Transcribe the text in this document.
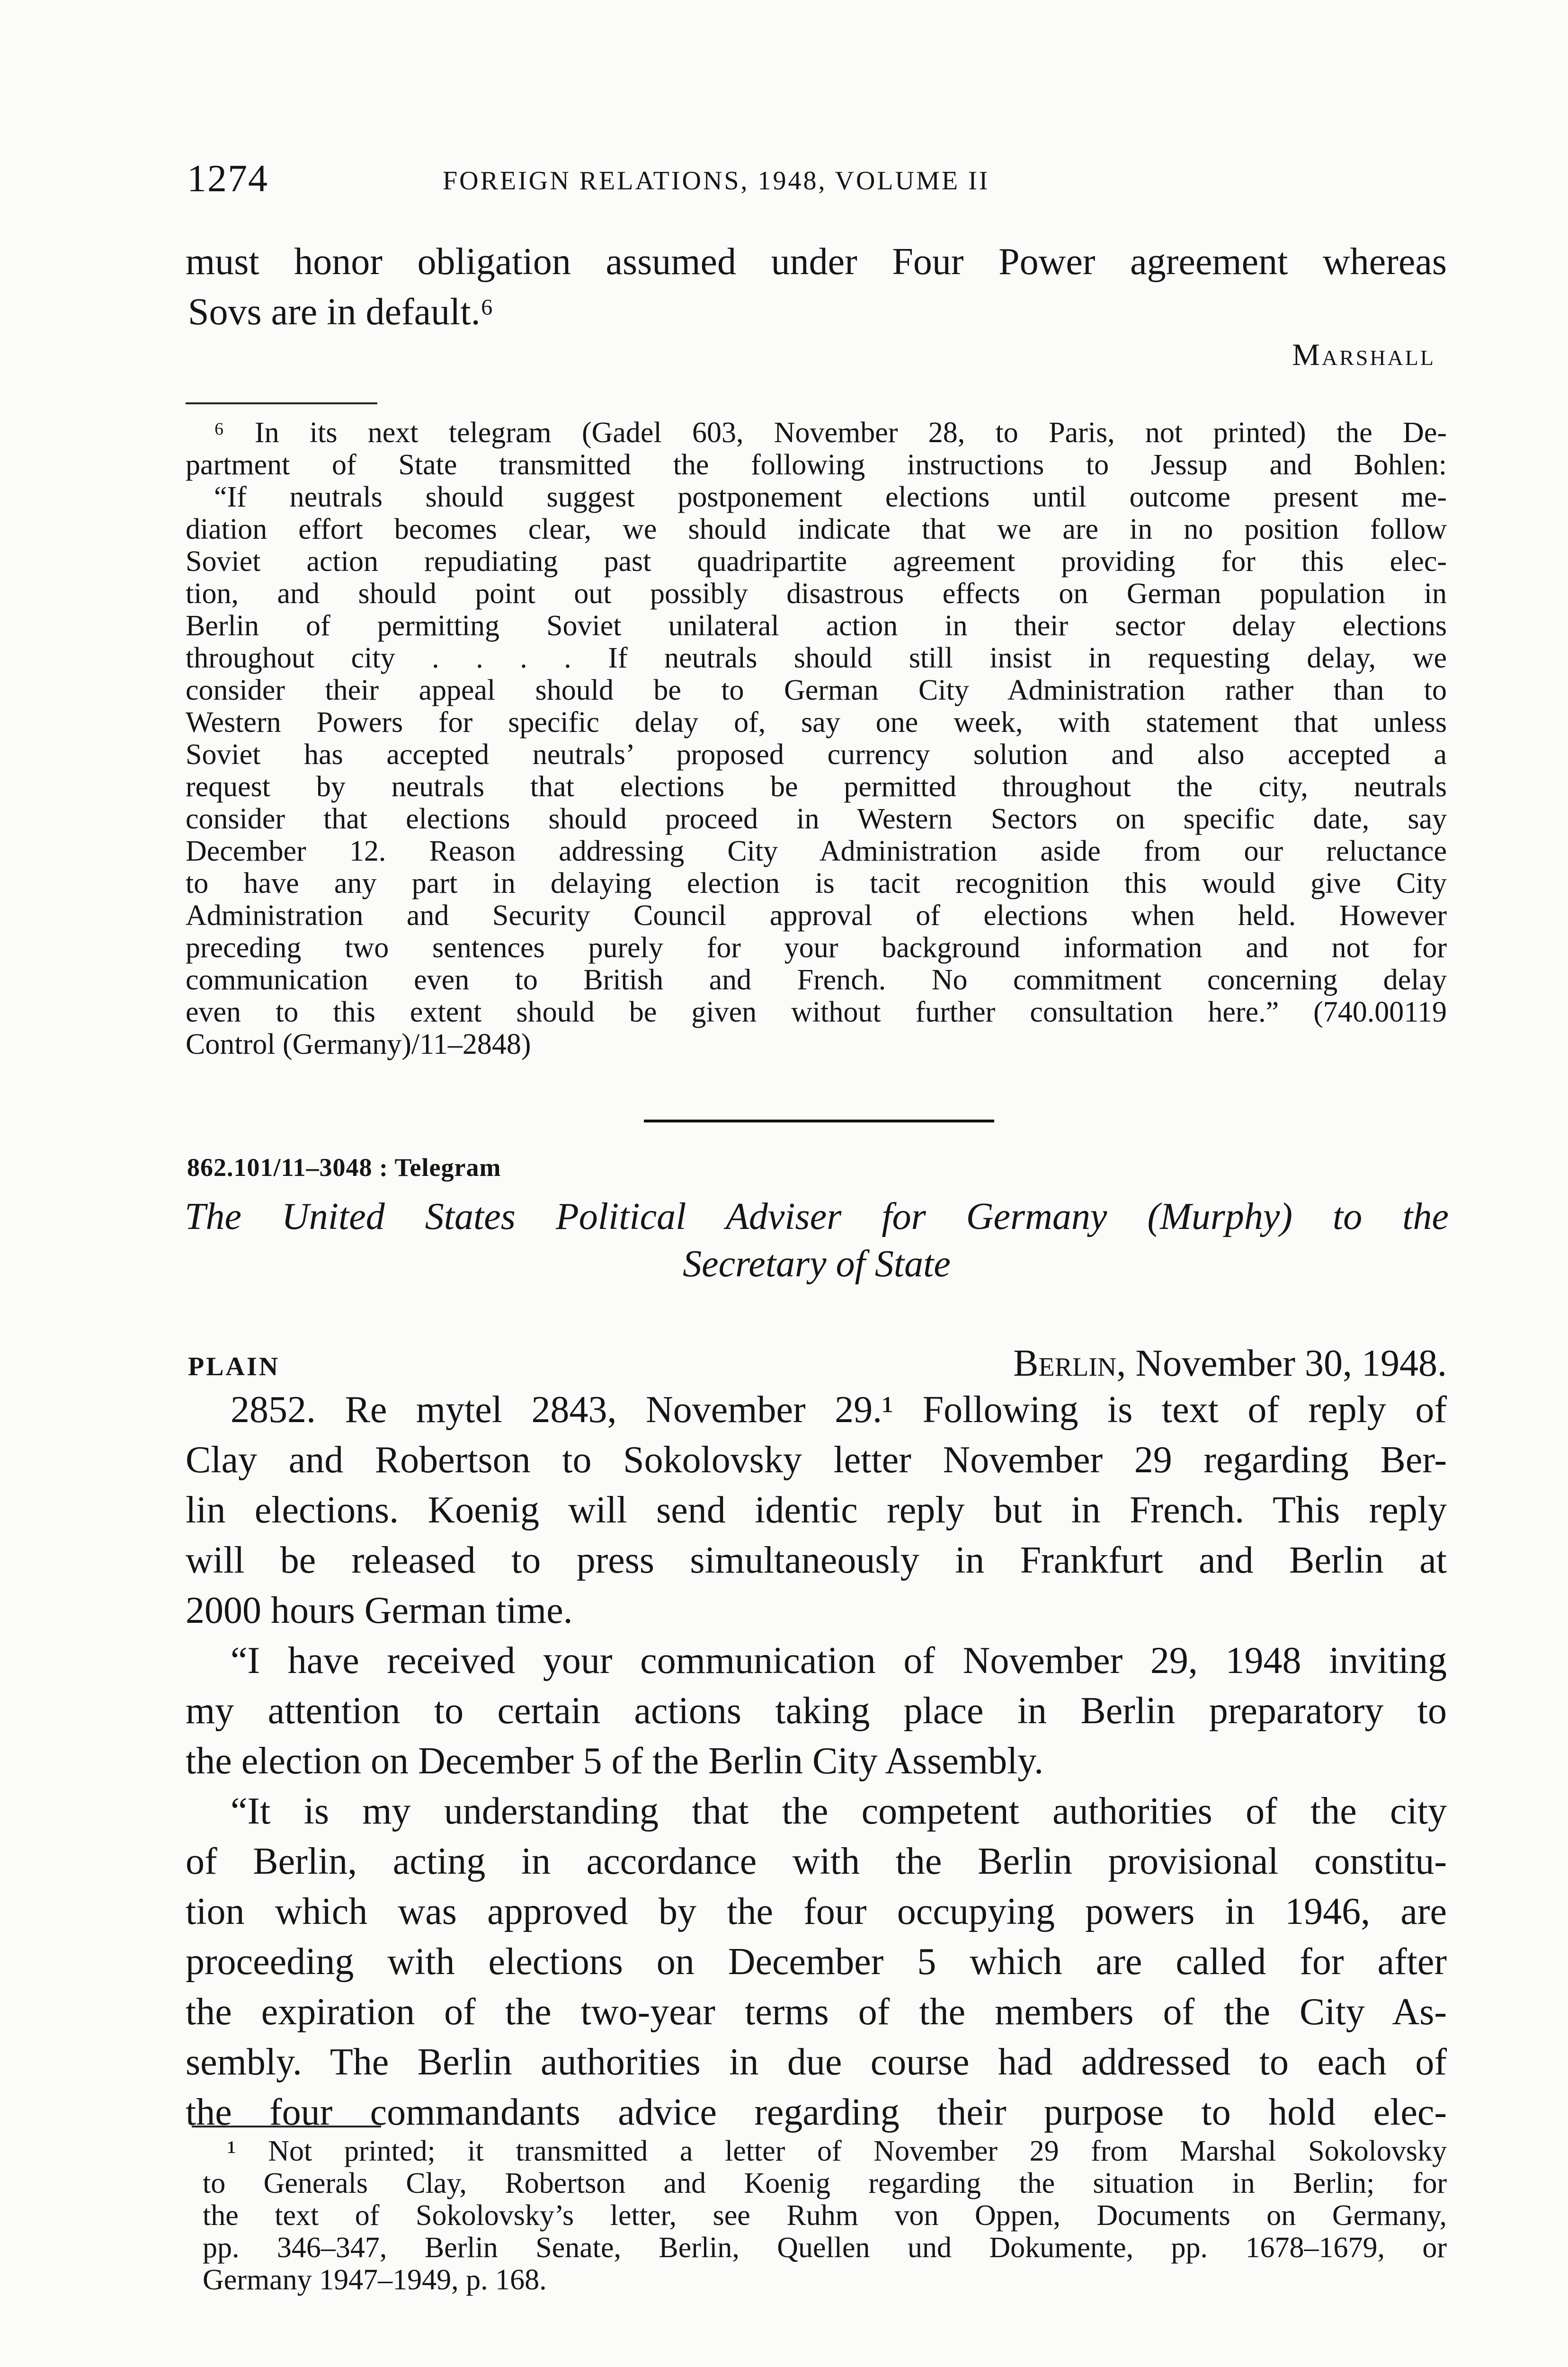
1274	FOREIGN RELATIONS, 1948, VOLUME II
must honor obligation assumed under Four Power agreement whereas
Sovs are in default.⁶
Marshall
⁶ In its next telegram (Gadel 603, November 28, to Paris, not printed) the De-
partment of State transmitted the following instructions to Jessup and Bohlen:
“If neutrals should suggest postponement elections until outcome present me-
diation effort becomes clear, we should indicate that we are in no position follow
Soviet action repudiating past quadripartite agreement providing for this elec-
tion, and should point out possibly disastrous effects on German population in
Berlin of permitting Soviet unilateral action in their sector delay elections
throughout city . . . . If neutrals should still insist in requesting delay, we
consider their appeal should be to German City Administration rather than to
Western Powers for specific delay of, say one week, with statement that unless
Soviet has accepted neutrals’ proposed currency solution and also accepted a
request by neutrals that elections be permitted throughout the city, neutrals
consider that elections should proceed in Western Sectors on specific date, say
December 12. Reason addressing City Administration aside from our reluctance
to have any part in delaying election is tacit recognition this would give City
Administration and Security Council approval of elections when held. However
preceding two sentences purely for your background information and not for
communication even to British and French. No commitment concerning delay
even to this extent should be given without further consultation here.” (740.00119
Control (Germany)/11–2848)
862.101/11–3048 : Telegram
The United States Political Adviser for Germany (Murphy) to the
Secretary of State
PLAIN	Berlin, November 30, 1948.
2852. Re mytel 2843, November 29.¹ Following is text of reply of
Clay and Robertson to Sokolovsky letter November 29 regarding Ber-
lin elections. Koenig will send identic reply but in French. This reply
will be released to press simultaneously in Frankfurt and Berlin at
2000 hours German time.
“I have received your communication of November 29, 1948 inviting
my attention to certain actions taking place in Berlin preparatory to
the election on December 5 of the Berlin City Assembly.
“It is my understanding that the competent authorities of the city
of Berlin, acting in accordance with the Berlin provisional constitu-
tion which was approved by the four occupying powers in 1946, are
proceeding with elections on December 5 which are called for after
the expiration of the two-year terms of the members of the City As-
sembly. The Berlin authorities in due course had addressed to each of
the four commandants advice regarding their purpose to hold elec-
¹ Not printed; it transmitted a letter of November 29 from Marshal Sokolovsky
to Generals Clay, Robertson and Koenig regarding the situation in Berlin; for
the text of Sokolovsky’s letter, see Ruhm von Oppen, Documents on Germany,
pp. 346–347, Berlin Senate, Berlin, Quellen und Dokumente, pp. 1678–1679, or
Germany 1947–1949, p. 168.
